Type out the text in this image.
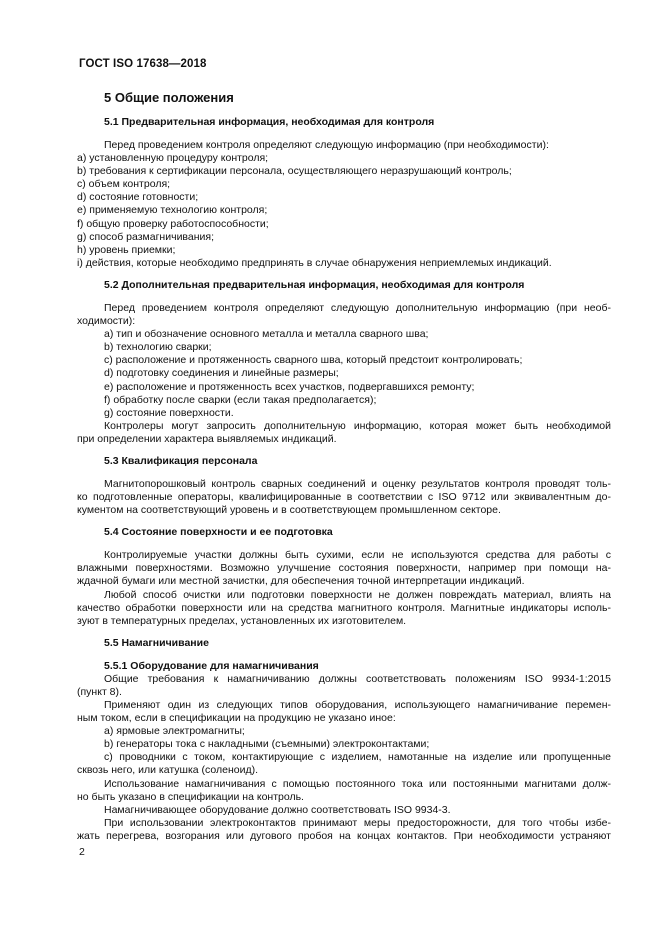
ГОСТ ISO 17638—2018
5 Общие положения
5.1 Предварительная информация, необходимая для контроля
Перед проведением контроля определяют следующую информацию (при необходимости):
a) установленную процедуру контроля;
b) требования к сертификации персонала, осуществляющего неразрушающий контроль;
c) объем контроля;
d) состояние готовности;
e) применяемую технологию контроля;
f) общую проверку работоспособности;
g) способ размагничивания;
h) уровень приемки;
i) действия, которые необходимо предпринять в случае обнаружения неприемлемых индикаций.
5.2 Дополнительная предварительная информация, необходимая для контроля
Перед проведением контроля определяют следующую дополнительную информацию (при необ-
ходимости):
a) тип и обозначение основного металла и металла сварного шва;
b) технологию сварки;
c) расположение и протяженность сварного шва, который предстоит контролировать;
d) подготовку соединения и линейные размеры;
e) расположение и протяженность всех участков, подвергавшихся ремонту;
f) обработку после сварки (если такая предполагается);
g) состояние поверхности.
Контролеры могут запросить дополнительную информацию, которая может быть необходимой
при определении характера выявляемых индикаций.
5.3 Квалификация персонала
Магнитопорошковый контроль сварных соединений и оценку результатов контроля проводят толь-
ко подготовленные операторы, квалифицированные в соответствии с ISO 9712 или эквивалентным до-
кументом на соответствующий уровень и в соответствующем промышленном секторе.
5.4 Состояние поверхности и ее подготовка
Контролируемые участки должны быть сухими, если не используются средства для работы с
влажными поверхностями. Возможно улучшение состояния поверхности, например при помощи на-
ждачной бумаги или местной зачистки, для обеспечения точной интерпретации индикаций.
Любой способ очистки или подготовки поверхности не должен повреждать материал, влиять на
качество обработки поверхности или на средства магнитного контроля. Магнитные индикаторы исполь-
зуют в температурных пределах, установленных их изготовителем.
5.5 Намагничивание
5.5.1 Оборудование для намагничивания
Общие требования к намагничиванию должны соответствовать положениям ISO 9934-1:2015
(пункт 8).
Применяют один из следующих типов оборудования, использующего намагничивание перемен-
ным током, если в спецификации на продукцию не указано иное:
a) ярмовые электромагниты;
b) генераторы тока с накладными (съемными) электроконтактами;
c) проводники с током, контактирующие с изделием, намотанные на изделие или пропущенные
сквозь него, или катушка (соленоид).
Использование намагничивания с помощью постоянного тока или постоянными магнитами долж-
но быть указано в спецификации на контроль.
Намагничивающее оборудование должно соответствовать ISO 9934-3.
При использовании электроконтактов принимают меры предосторожности, для того чтобы избе-
жать перегрева, возгорания или дугового пробоя на концах контактов. При необходимости устраняют
2
